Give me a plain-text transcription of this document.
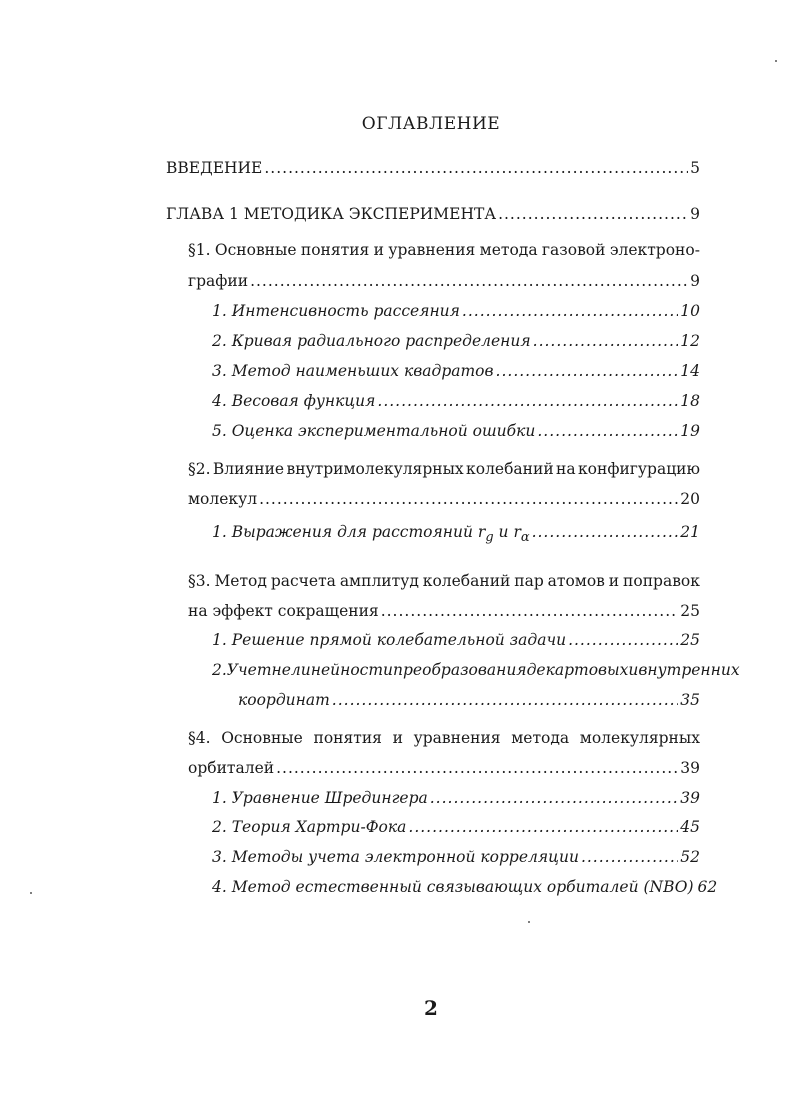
ОГЛАВЛЕНИЕ
ВВЕДЕНИЕ .....	5
ГЛАВА 1 МЕТОДИКА ЭКСПЕРИМЕНТА .....	9
§1. Основные понятия и уравнения метода газовой электроно-
графии .....	9
1. Интенсивность рассеяния .....	10
2. Кривая радиального распределения .....	12
3. Метод наименьших квадратов .....	14
4. Весовая функция .....	18
5. Оценка экспериментальной ошибки .....	19
§2. Влияние внутримолекулярных колебаний на конфигурацию
молекул .....	20
1. Выражения для расстояний $r_g$ и $r_\alpha$ .....	21
§3. Метод расчета амплитуд колебаний пар атомов и поправок
на эффект сокращения .....	25
1. Решение прямой колебательной задачи .....	25
2. Учет нелинейности преобразования декартовых и внутренних
координат .....	35
§4. Основные понятия и уравнения метода молекулярных
орбиталей .....	39
1. Уравнение Шредингера .....	39
2. Теория Хартри-Фока .....	45
3. Методы учета электронной корреляции .....	52
4. Метод естественный связывающих орбиталей (NBO) 62
2
